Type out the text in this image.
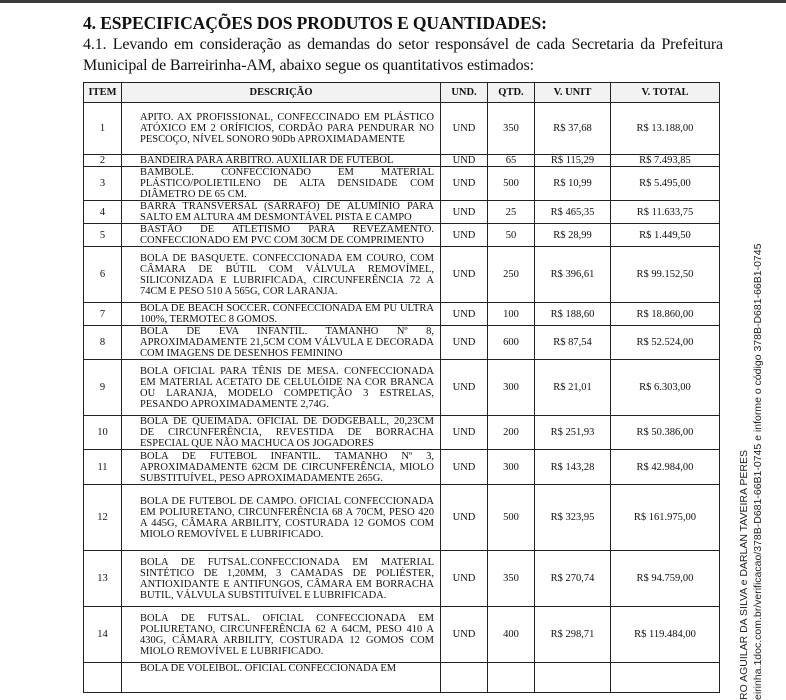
4. ESPECIFICAÇÕES DOS PRODUTOS E QUANTIDADES:

4.1. Levando em consideração as demandas do setor responsável de cada Secretaria da Prefeitura Municipal de Barreirinha-AM, abaixo segue os quantitativos estimados:

ITEM	DESCRIÇÃO	UND.	QTD.	V. UNIT	V. TOTAL
1	APITO. AX PROFISSIONAL, CONFECCINADO EM PLÁSTICO ATÓXICO EM 2 ORÍFICIOS, CORDÃO PARA PENDURAR NO PESCOÇO, NÍVEL SONORO 90Db APROXIMADAMENTE	UND	350	R$ 37,68	R$ 13.188,00
2	BANDEIRA PARA ÁRBITRO. AUXILIAR DE FUTEBOL	UND	65	R$ 115,29	R$ 7.493,85
3	BAMBOLÊ. CONFECCIONADO EM MATERIAL PLÁSTICO/POLIETILENO DE ALTA DENSIDADE COM DIÂMETRO DE 65 CM.	UND	500	R$ 10,99	R$ 5.495,00
4	BARRA TRANSVERSAL (SARRAFO) DE ALUMÍNIO PARA SALTO EM ALTURA 4M DESMONTÁVEL PISTA E CAMPO	UND	25	R$ 465,35	R$ 11.633,75
5	BASTÃO DE ATLETISMO PARA REVEZAMENTO. CONFECCIONADO EM PVC COM 30CM DE COMPRIMENTO	UND	50	R$ 28,99	R$ 1.449,50
6	BOLA DE BASQUETE. CONFECCIONADA EM COURO, COM CÂMARA DE BÚTIL COM VÁLVULA REMOVÍMEL, SILICONIZADA E LUBRIFICADA, CIRCUNFERÊNCIA 72 A 74CM E PESO 510 A 565G, COR LARANJA.	UND	250	R$ 396,61	R$ 99.152,50
7	BOLA DE BEACH SOCCER. CONFECCIONADA EM PU ULTRA 100%, TERMOTEC 8 GOMOS.	UND	100	R$ 188,60	R$ 18.860,00
8	BOLA DE EVA INFANTIL. TAMANHO Nº 8, APROXIMADAMENTE 21,5CM COM VÁLVULA E DECORADA COM IMAGENS DE DESENHOS FEMININO	UND	600	R$ 87,54	R$ 52.524,00
9	BOLA OFICIAL PARA TÊNIS DE MESA. CONFECCIONADA EM MATERIAL ACETATO DE CELULÓIDE NA COR BRANCA OU LARANJA, MODELO COMPETIÇÃO 3 ESTRELAS, PESANDO APROXIMADAMENTE 2,74G.	UND	300	R$ 21,01	R$ 6.303,00
10	BOLA DE QUEIMADA. OFICIAL DE DODGEBALL, 20,23CM DE CIRCUNFERÊNCIA, REVESTIDA DE BORRACHA ESPECIAL QUE NÃO MACHUCA OS JOGADORES	UND	200	R$ 251,93	R$ 50.386,00
11	BOLA DE FUTEBOL INFANTIL. TAMANHO Nº 3, APROXIMADAMENTE 62CM DE CIRCUNFERÊNCIA, MIOLO SUBSTITUÍVEL, PESO APROXIMADAMENTE 265G.	UND	300	R$ 143,28	R$ 42.984,00
12	BOLA DE FUTEBOL DE CAMPO. OFICIAL CONFECCIONADA EM POLIURETANO, CIRCUNFERÊNCIA 68 A 70CM, PESO 420 A 445G, CÂMARA ARBILITY, COSTURADA 12 GOMOS COM MIOLO REMOVÍVEL E LUBRIFICADO.	UND	500	R$ 323,95	R$ 161.975,00
13	BOLA DE FUTSAL.CONFECCIONADA EM MATERIAL SINTÉTICO DE 1,20MM, 3 CAMADAS DE POLIÉSTER, ANTIOXIDANTE E ANTIFUNGOS, CÂMARA EM BORRACHA BUTIL, VÁLVULA SUBSTITUÍVEL E LUBRIFICADA.	UND	350	R$ 270,74	R$ 94.759,00
14	BOLA DE FUTSAL. OFICIAL CONFECCIONADA EM POLIURETANO, CIRCUNFERÊNCIA 62 A 64CM, PESO 410 A 430G, CÂMARA ARBILITY, COSTURADA 12 GOMOS COM MIOLO REMOVÍVEL E LUBRIFICADO.	UND	400	R$ 298,71	R$ 119.484,00
	BOLA DE VOLEIBOL. OFICIAL CONFECCIONADA EM					RO AGUILAR DA SILVA e DARLAN TAVEIRA PERES eirinha.1doc.com.br/verificacao/378B-D681-66B1-0745 e informe o código 378B-D681-66B1-0745
